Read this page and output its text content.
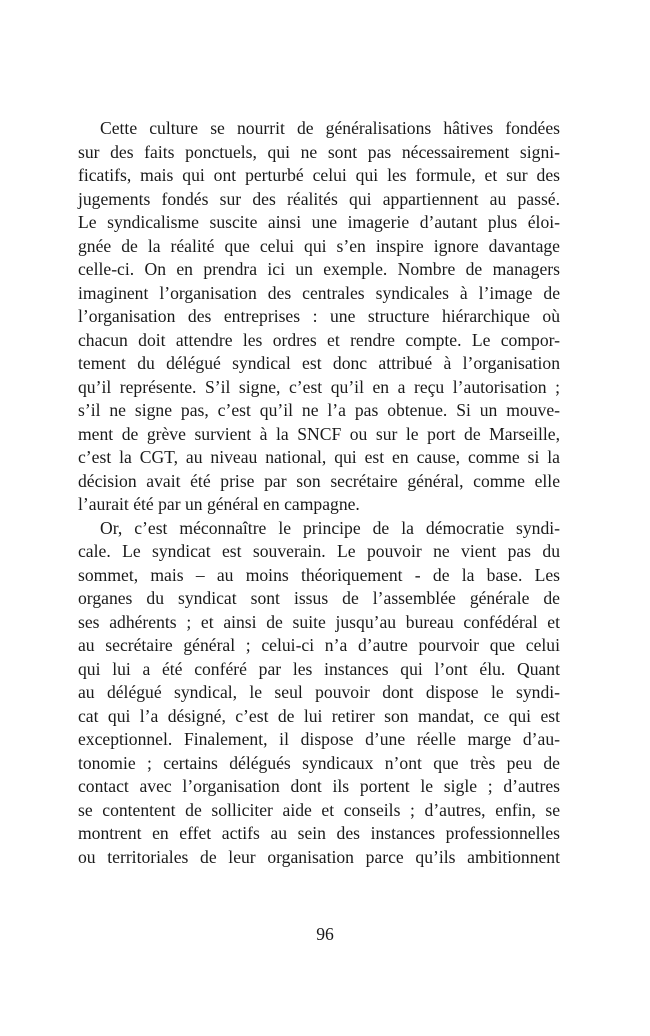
Cette culture se nourrit de généralisations hâtives fondées
sur des faits ponctuels, qui ne sont pas nécessairement signi-
ficatifs, mais qui ont perturbé celui qui les formule, et sur des
jugements fondés sur des réalités qui appartiennent au passé.
Le syndicalisme suscite ainsi une imagerie d’autant plus éloi-
gnée de la réalité que celui qui s’en inspire ignore davantage
celle-ci. On en prendra ici un exemple. Nombre de managers
imaginent l’organisation des centrales syndicales à l’image de
l’organisation des entreprises : une structure hiérarchique où
chacun doit attendre les ordres et rendre compte. Le compor-
tement du délégué syndical est donc attribué à l’organisation
qu’il représente. S’il signe, c’est qu’il en a reçu l’autorisation ;
s’il ne signe pas, c’est qu’il ne l’a pas obtenue. Si un mouve-
ment de grève survient à la SNCF ou sur le port de Marseille,
c’est la CGT, au niveau national, qui est en cause, comme si la
décision avait été prise par son secrétaire général, comme elle
l’aurait été par un général en campagne.
Or, c’est méconnaître le principe de la démocratie syndi-
cale. Le syndicat est souverain. Le pouvoir ne vient pas du
sommet, mais – au moins théoriquement - de la base. Les
organes du syndicat sont issus de l’assemblée générale de
ses adhérents ; et ainsi de suite jusqu’au bureau confédéral et
au secrétaire général ; celui-ci n’a d’autre pourvoir que celui
qui lui a été conféré par les instances qui l’ont élu. Quant
au délégué syndical, le seul pouvoir dont dispose le syndi-
cat qui l’a désigné, c’est de lui retirer son mandat, ce qui est
exceptionnel. Finalement, il dispose d’une réelle marge d’au-
tonomie ; certains délégués syndicaux n’ont que très peu de
contact avec l’organisation dont ils portent le sigle ; d’autres
se contentent de solliciter aide et conseils ; d’autres, enfin, se
montrent en effet actifs au sein des instances professionnelles
ou territoriales de leur organisation parce qu’ils ambitionnent
96
